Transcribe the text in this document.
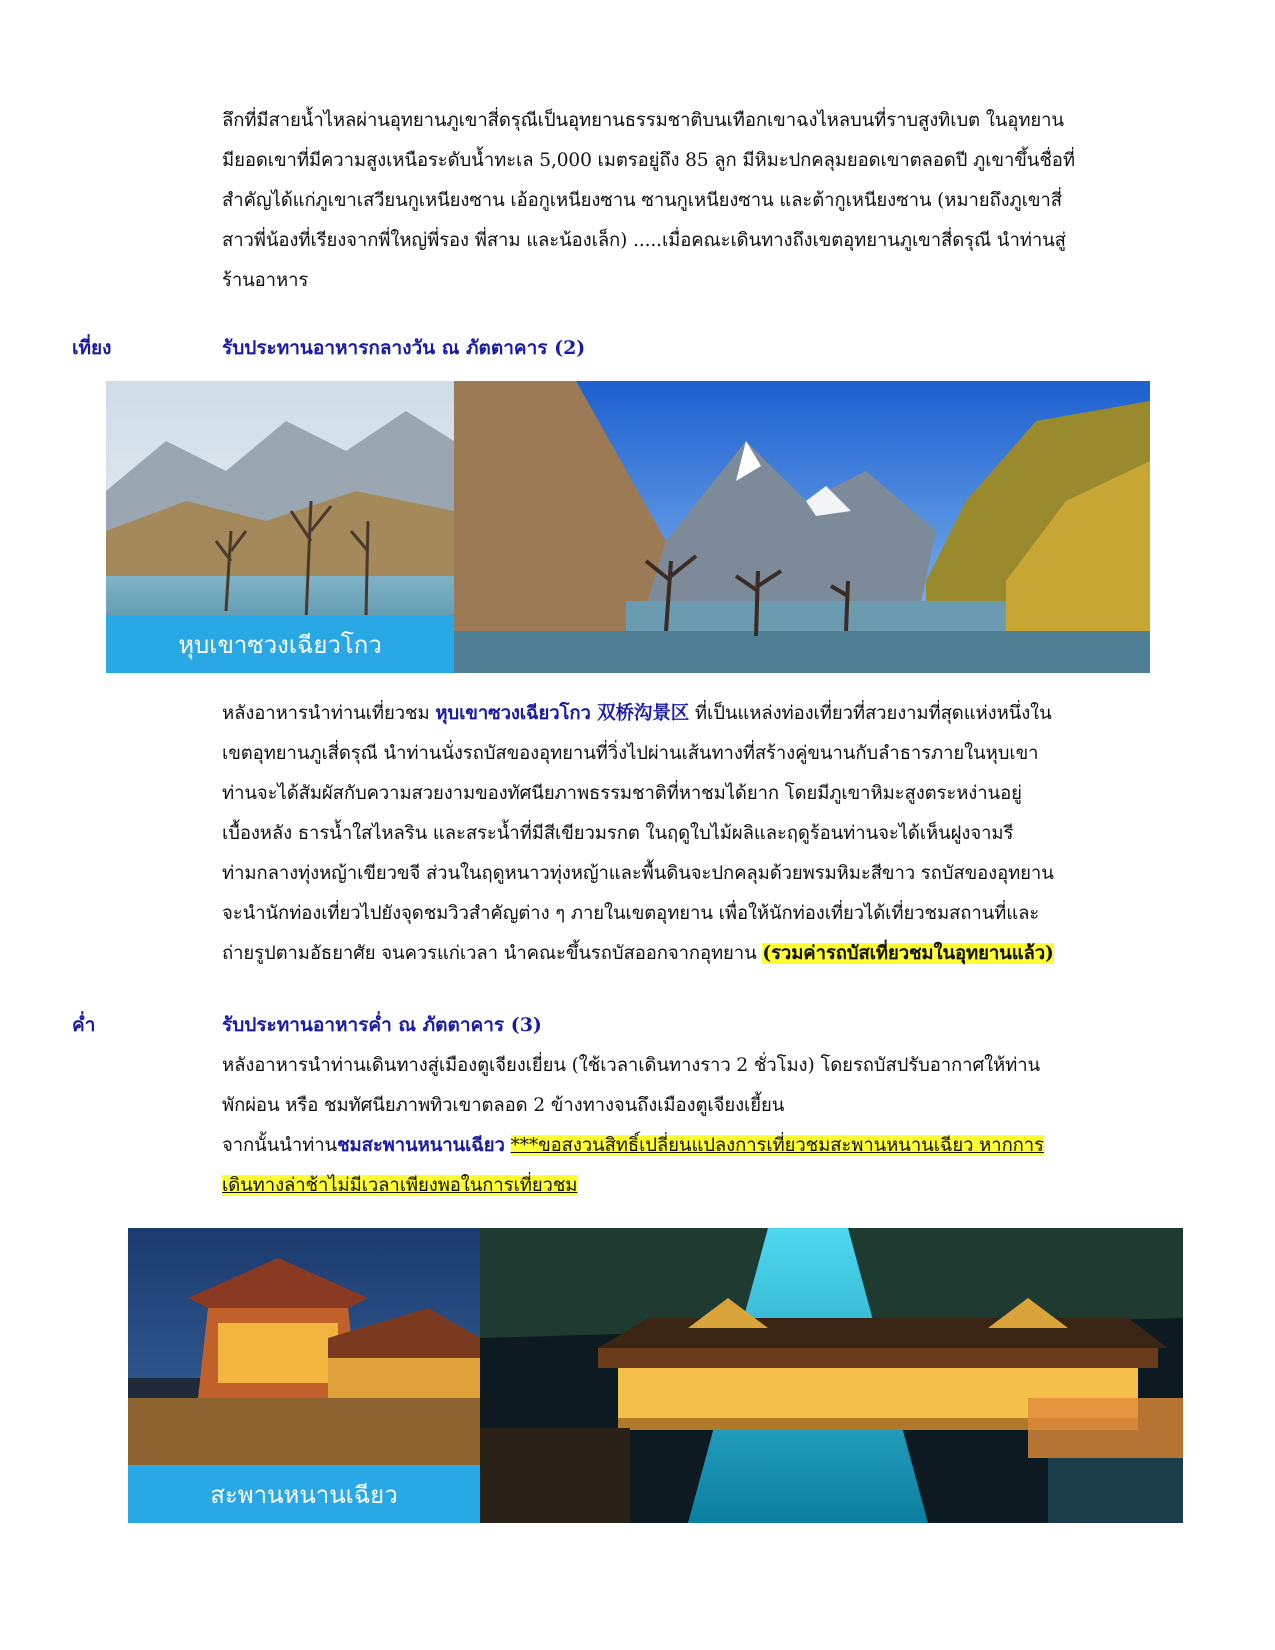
ลึกที่มีสายน้ำไหลผ่านอุทยานภูเขาสี่ดรุณีเป็นอุทยานธรรมชาติบนเทือกเขาฉงไหลบนที่ราบสูงทิเบต ในอุทยาน
มียอดเขาที่มีความสูงเหนือระดับน้ำทะเล 5,000 เมตรอยู่ถึง 85 ลูก มีหิมะปกคลุมยอดเขาตลอดปี ภูเขาขึ้นชื่อที่
สำคัญได้แก่ภูเขาเสวียนกูเหนียงซาน เอ้อกูเหนียงซาน ซานกูเหนียงซาน และต้ากูเหนียงซาน (หมายถึงภูเขาสี่
สาวพี่น้องที่เรียงจากพี่ใหญ่พี่รอง พี่สาม และน้องเล็ก) .....เมื่อคณะเดินทางถึงเขตอุทยานภูเขาสี่ดรุณี นำท่านสู่
ร้านอาหาร
เที่ยง	รับประทานอาหารกลางวัน ณ ภัตตาคาร (2)
หุบเขาซวงเฉียวโกว
หลังอาหารนำท่านเที่ยวชม หุบเขาซวงเฉียวโกว 双桥沟景区 ที่เป็นแหล่งท่องเที่ยวที่สวยงามที่สุดแห่งหนึ่งใน
เขตอุทยานภูเสี่ดรุณี นำท่านนั่งรถบัสของอุทยานที่วิ่งไปผ่านเส้นทางที่สร้างคู่ขนานกับลำธารภายในหุบเขา
ท่านจะได้สัมผัสกับความสวยงามของทัศนียภาพธรรมชาติที่หาชมได้ยาก โดยมีภูเขาหิมะสูงตระหง่านอยู่
เบื้องหลัง ธารน้ำใสไหลริน และสระน้ำที่มีสีเขียวมรกต ในฤดูใบไม้ผลิและฤดูร้อนท่านจะได้เห็นฝูงจามรี
ท่ามกลางทุ่งหญ้าเขียวขจี ส่วนในฤดูหนาวทุ่งหญ้าและพื้นดินจะปกคลุมด้วยพรมหิมะสีขาว รถบัสของอุทยาน
จะนำนักท่องเที่ยวไปยังจุดชมวิวสำคัญต่าง ๆ ภายในเขตอุทยาน เพื่อให้นักท่องเที่ยวได้เที่ยวชมสถานที่และ
ถ่ายรูปตามอัธยาศัย จนควรแก่เวลา นำคณะขึ้นรถบัสออกจากอุทยาน (รวมค่ารถบัสเที่ยวชมในอุทยานแล้ว)
ค่ำ	รับประทานอาหารค่ำ ณ ภัตตาคาร (3)
หลังอาหารนำท่านเดินทางสู่เมืองตูเจียงเยี่ยน (ใช้เวลาเดินทางราว 2 ชั่วโมง) โดยรถบัสปรับอากาศให้ท่าน
พักผ่อน หรือ ชมทัศนียภาพทิวเขาตลอด 2 ข้างทางจนถึงเมืองตูเจียงเยี้ยน
จากนั้นนำท่านชมสะพานหนานเฉียว ***ขอสงวนสิทธิ์เปลี่ยนแปลงการเที่ยวชมสะพานหนานเฉียว หากการ
เดินทางล่าช้าไม่มีเวลาเพียงพอในการเที่ยวชม
สะพานหนานเฉียว
